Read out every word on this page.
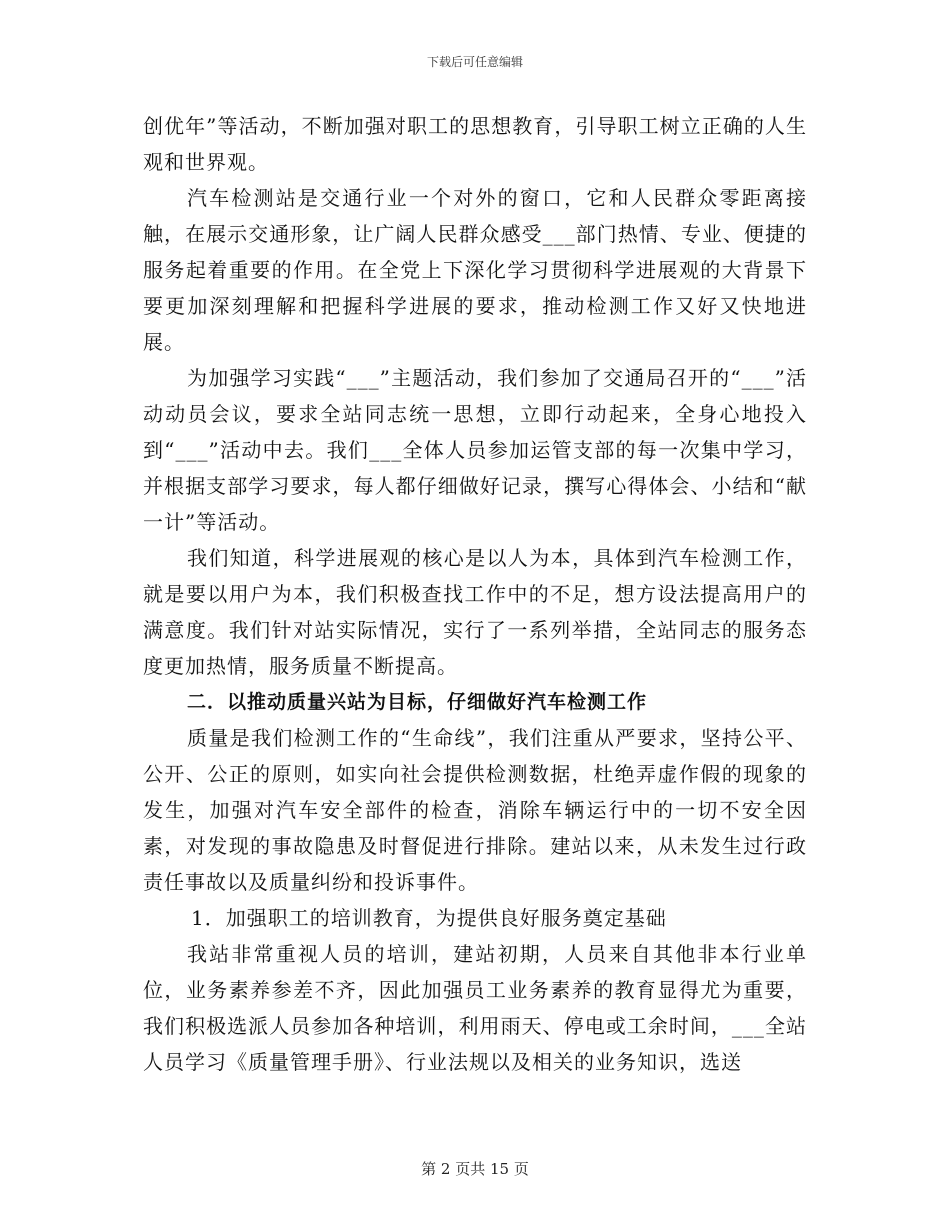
下载后可任意编辑

创优年”等活动，不断加强对职工的思想教育，引导职工树立正确的人生观和世界观。

汽车检测站是交通行业一个对外的窗口，它和人民群众零距离接触，在展示交通形象，让广阔人民群众感受___部门热情、专业、便捷的服务起着重要的作用。在全党上下深化学习贯彻科学进展观的大背景下要更加深刻理解和把握科学进展的要求，推动检测工作又好又快地进展。

为加强学习实践“___”主题活动，我们参加了交通局召开的“___”活动动员会议，要求全站同志统一思想，立即行动起来，全身心地投入到“___”活动中去。我们___全体人员参加运管支部的每一次集中学习，并根据支部学习要求，每人都仔细做好记录，撰写心得体会、小结和“献一计”等活动。

我们知道，科学进展观的核心是以人为本，具体到汽车检测工作，就是要以用户为本，我们积极查找工作中的不足，想方设法提高用户的满意度。我们针对站实际情况，实行了一系列举措，全站同志的服务态度更加热情，服务质量不断提高。

二．以推动质量兴站为目标，仔细做好汽车检测工作

质量是我们检测工作的“生命线”，我们注重从严要求，坚持公平、公开、公正的原则，如实向社会提供检测数据，杜绝弄虚作假的现象的发生，加强对汽车安全部件的检查，消除车辆运行中的一切不安全因素，对发现的事故隐患及时督促进行排除。建站以来，从未发生过行政责任事故以及质量纠纷和投诉事件。

1．加强职工的培训教育，为提供良好服务奠定基础

我站非常重视人员的培训，建站初期，人员来自其他非本行业单位，业务素养参差不齐，因此加强员工业务素养的教育显得尤为重要，我们积极选派人员参加各种培训，利用雨天、停电或工余时间，___全站人员学习《质量管理手册》、行业法规以及相关的业务知识，选送

第 2 页共 15 页
